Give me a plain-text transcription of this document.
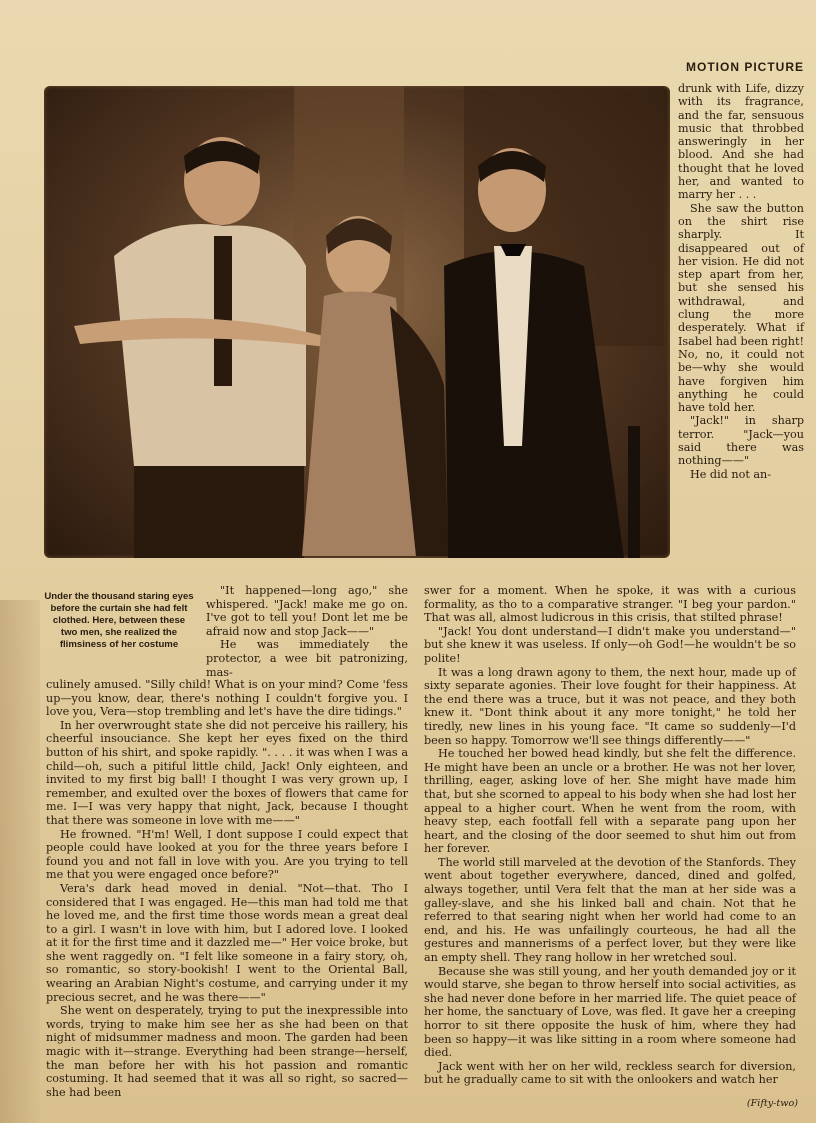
MOTION PICTURE

drunk with Life, dizzy with its fragrance, and the far, sensuous music that throbbed answeringly in her blood. And she had thought that he loved her, and wanted to marry her . . .

She saw the button on the shirt rise sharply. It disappeared out of her vision. He did not step apart from her, but she sensed his withdrawal, and clung the more desperately. What if Isabel had been right! No, no, it could not be—why she would have forgiven him anything he could have told her.

"Jack!" in sharp terror. "Jack—you said there was nothing——"

He did not an-

Under the thousand staring eyes before the curtain she had felt clothed. Here, between these two men, she realized the flimsiness of her costume

"It happened—long ago," she whispered. "Jack! make me go on. I've got to tell you! Dont let me be afraid now and stop Jack——"

He was immediately the protector, a wee bit patronizing, mas-

culinely amused. "Silly child! What is on your mind? Come 'fess up—you know, dear, there's nothing I couldn't forgive you. I love you, Vera—stop trembling and let's have the dire tidings."

In her overwrought state she did not perceive his raillery, his cheerful insouciance. She kept her eyes fixed on the third button of his shirt, and spoke rapidly. ". . . . it was when I was a child—oh, such a pitiful little child, Jack! Only eighteen, and invited to my first big ball! I thought I was very grown up, I remember, and exulted over the boxes of flowers that came for me. I—I was very happy that night, Jack, because I thought that there was someone in love with me——"

He frowned. "H'm! Well, I dont suppose I could expect that people could have looked at you for the three years before I found you and not fall in love with you. Are you trying to tell me that you were engaged once before?"

Vera's dark head moved in denial. "Not—that. Tho I considered that I was engaged. He—this man had told me that he loved me, and the first time those words mean a great deal to a girl. I wasn't in love with him, but I adored love. I looked at it for the first time and it dazzled me—" Her voice broke, but she went raggedly on. "I felt like someone in a fairy story, oh, so romantic, so story-bookish! I went to the Oriental Ball, wearing an Arabian Night's costume, and carrying under it my precious secret, and he was there——"

She went on desperately, trying to put the inexpressible into words, trying to make him see her as she had been on that night of midsummer madness and moon. The garden had been magic with it—strange. Everything had been strange—herself, the man before her with his hot passion and romantic costuming. It had seemed that it was all so right, so sacred—she had been

swer for a moment. When he spoke, it was with a curious formality, as tho to a comparative stranger. "I beg your pardon." That was all, almost ludicrous in this crisis, that stilted phrase!

"Jack! You dont understand—I didn't make you understand—" but she knew it was useless. If only—oh God!—he wouldn't be so polite!

It was a long drawn agony to them, the next hour, made up of sixty separate agonies. Their love fought for their happiness. At the end there was a truce, but it was not peace, and they both knew it. "Dont think about it any more tonight," he told her tiredly, new lines in his young face. "It came so suddenly—I'd been so happy. Tomorrow we'll see things differently——"

He touched her bowed head kindly, but she felt the difference. He might have been an uncle or a brother. He was not her lover, thrilling, eager, asking love of her. She might have made him that, but she scorned to appeal to his body when she had lost her appeal to a higher court. When he went from the room, with heavy step, each footfall fell with a separate pang upon her heart, and the closing of the door seemed to shut him out from her forever.

The world still marveled at the devotion of the Stanfords. They went about together everywhere, danced, dined and golfed, always together, until Vera felt that the man at her side was a galley-slave, and she his linked ball and chain. Not that he referred to that searing night when her world had come to an end, and his. He was unfailingly courteous, he had all the gestures and mannerisms of a perfect lover, but they were like an empty shell. They rang hollow in her wretched soul.

Because she was still young, and her youth demanded joy or it would starve, she began to throw herself into social activities, as she had never done before in her married life. The quiet peace of her home, the sanctuary of Love, was fled. It gave her a creeping horror to sit there opposite the husk of him, where they had been so happy—it was like sitting in a room where someone had died.

Jack went with her on her wild, reckless search for diversion, but he gradually came to sit with the onlookers and watch her

(Fifty-two)
